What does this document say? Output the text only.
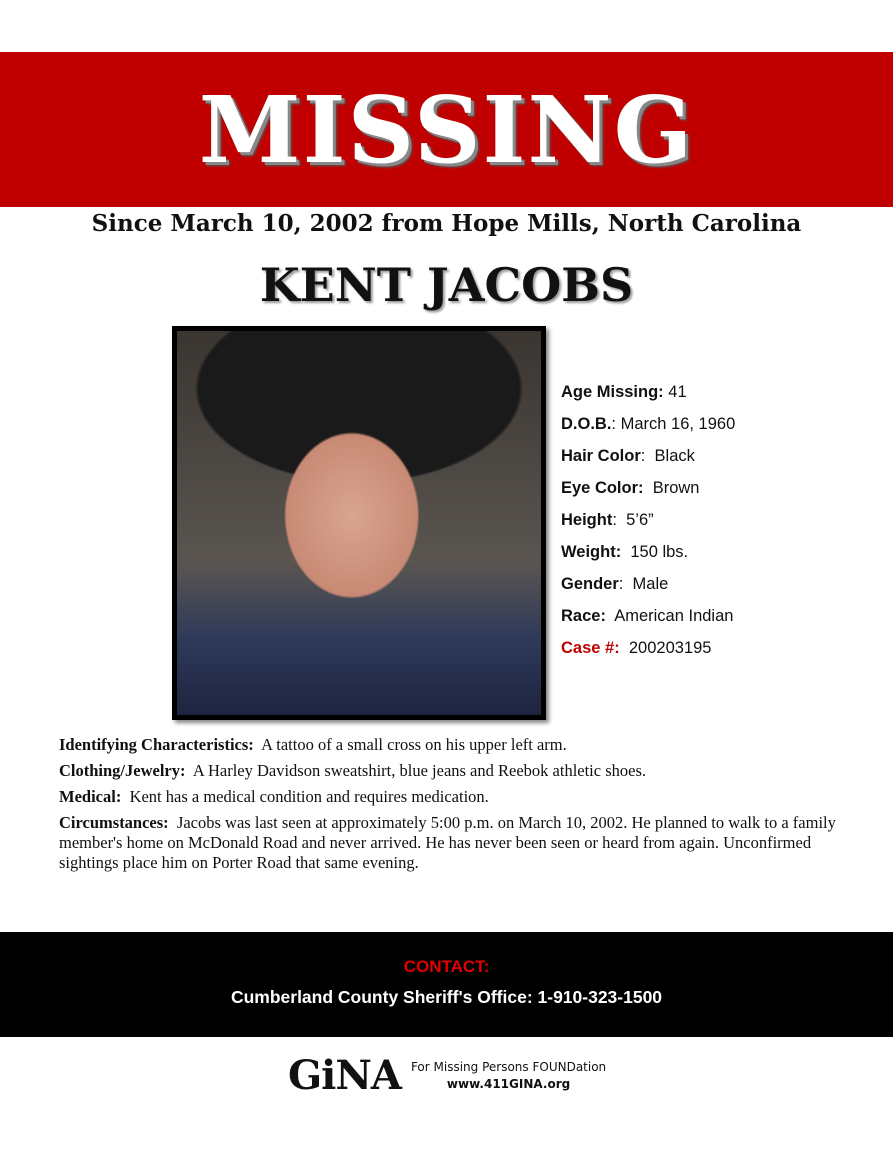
MISSING
Since March 10, 2002 from Hope Mills, North Carolina
KENT JACOBS
Age Missing: 41
D.O.B.: March 16, 1960
Hair Color:  Black
Eye Color:  Brown
Height:  5’6”
Weight:  150 lbs.
Gender:  Male
Race:  American Indian
Case #:  200203195

Identifying Characteristics: A tattoo of a small cross on his upper left arm.

Clothing/Jewelry: A Harley Davidson sweatshirt, blue jeans and Reebok athletic shoes.

Medical: Kent has a medical condition and requires medication.

Circumstances: Jacobs was last seen at approximately 5:00 p.m. on March 10, 2002. He planned to walk to a family member's home on McDonald Road and never arrived. He has never been seen or heard from again. Unconfirmed sightings place him on Porter Road that same evening.

CONTACT:
Cumberland County Sheriff's Office: 1-910-323-1500
GiNA For Missing Persons FOUNDation
www.411GINA.org
